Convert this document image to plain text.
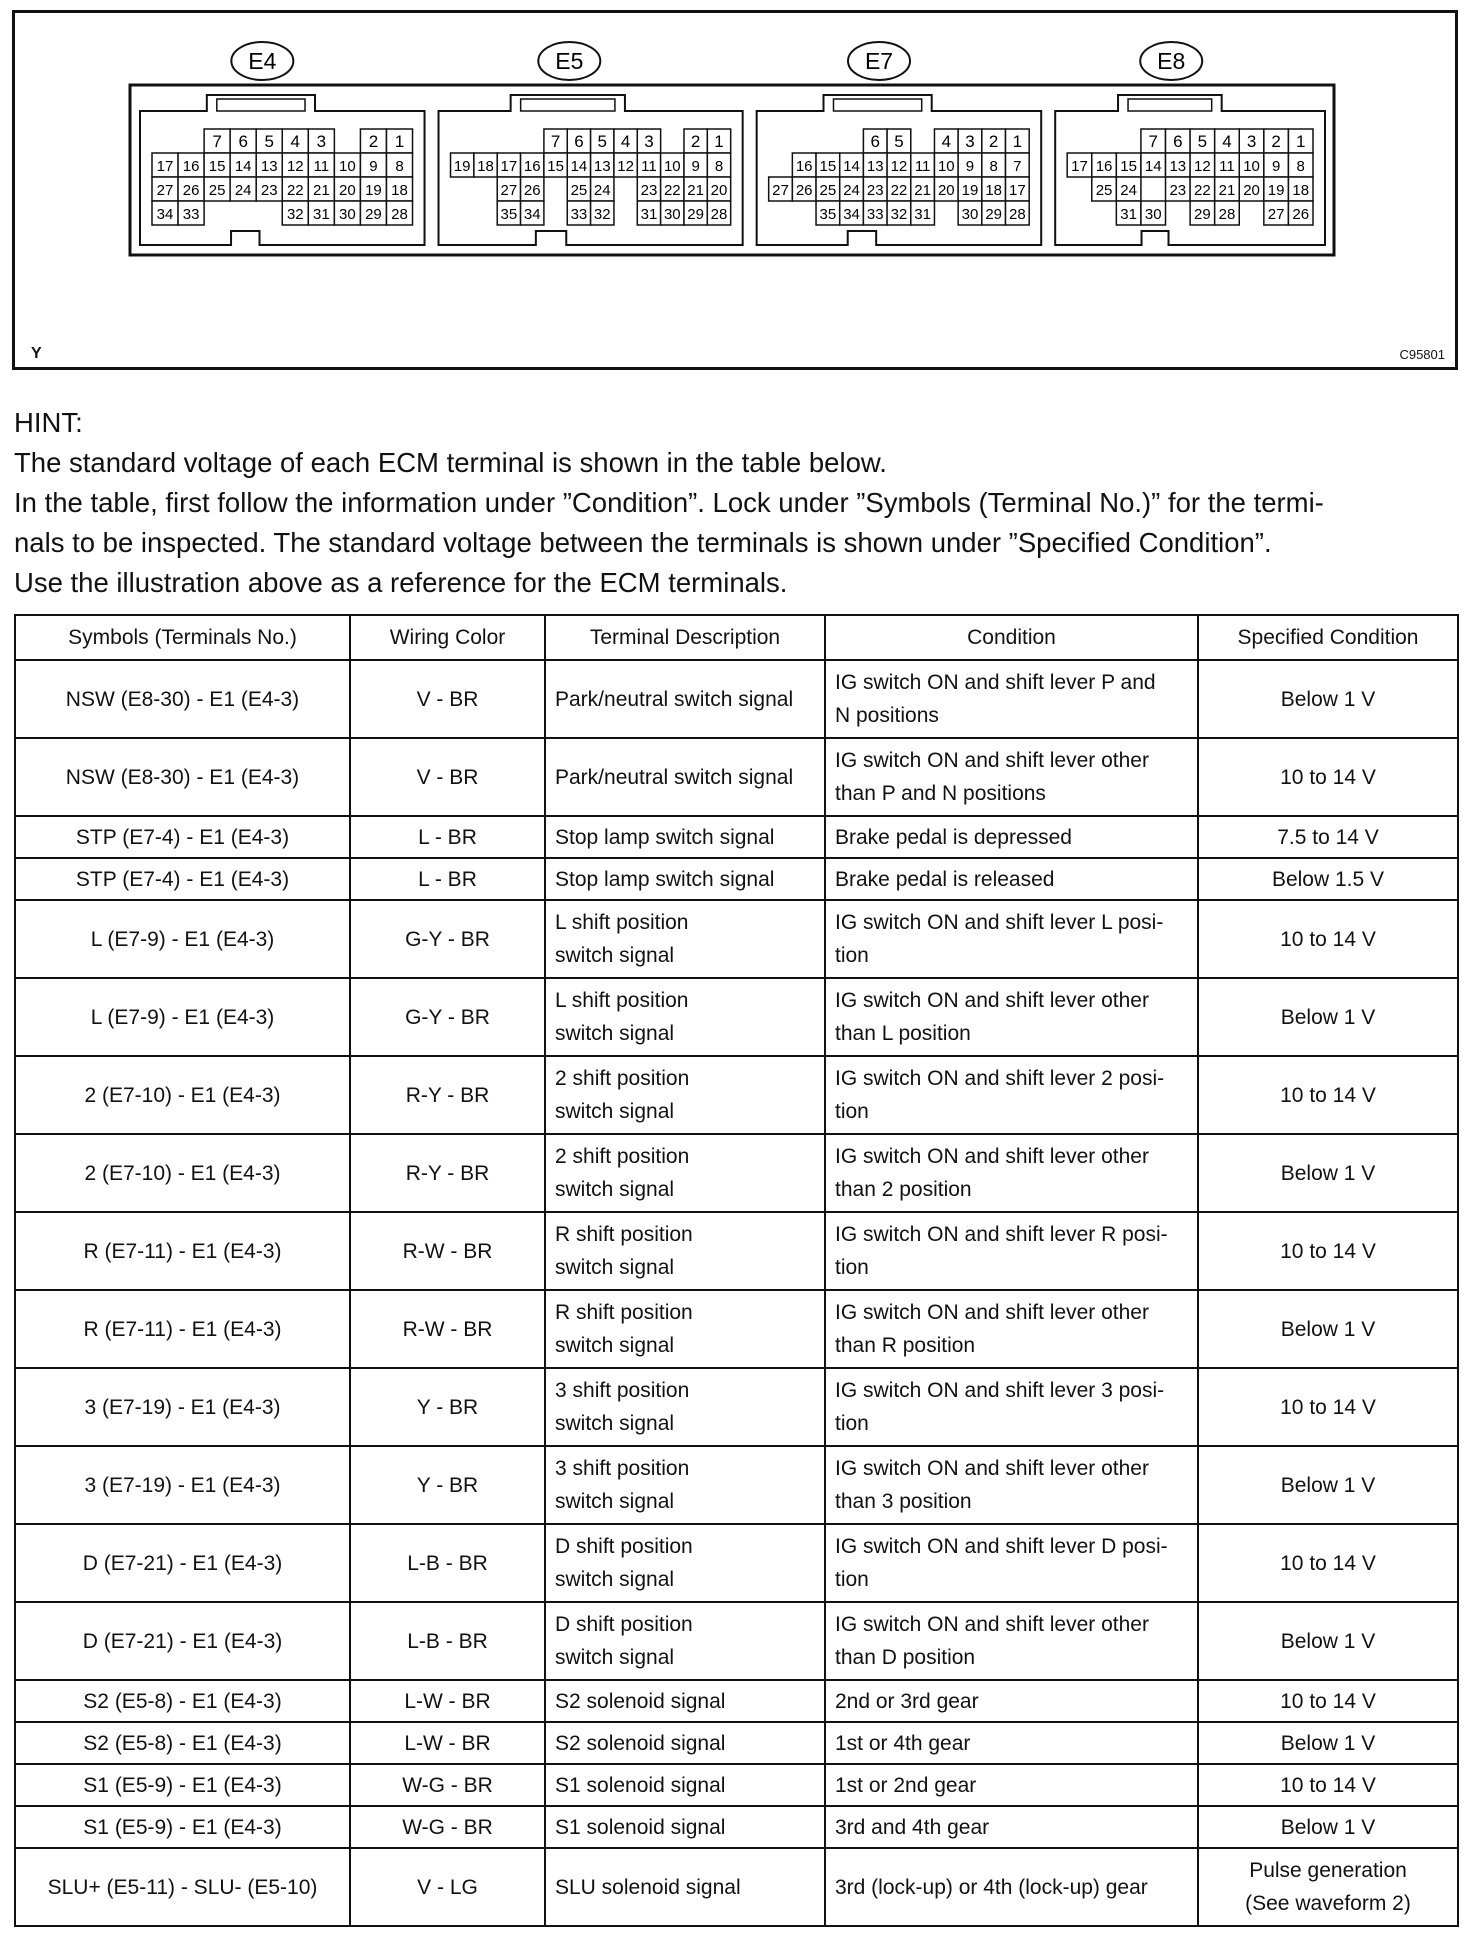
E4
7 6 5 4 3	2 1
17 16 15 14 13 12 11 10 9 8
27 26 25 24 23 22 21 20 19 18
34 33	32 31 30 29 28
E5
7 6 5 4 3 2 1
19 18 17 16 15 14 13 12 11 10 9 8
27 26 25 24 23 22 21 20
35 34 33 32 31 30 29 28
E7
6 5 4 3 2 1
16 15 14 13 12 11 10 9 8 7
27 26 25 24 23 22 21 20 19 18 17
35 34 33 32 31 30 29 28
E8
7 6 5 4 3 2 1
17 16 15 14 13 12 11 10 9 8
25 24 23 22 21 20 19 18
31 30 29 28 27 26
Y	C95801

HINT:

The standard voltage of each ECM terminal is shown in the table below.

In the table, first follow the information under ”Condition”. Lock under ”Symbols (Terminal No.)” for the termi-

nals to be inspected. The standard voltage between the terminals is shown under ”Specified Condition”.

Use the illustration above as a reference for the ECM terminals.

Symbols (Terminals No.)	Wiring Color	Terminal Description	Condition	Specified Condition
NSW (E8-30) - E1 (E4-3)	V - BR	Park/neutral switch signal	IG switch ON and shift lever P and
N positions	Below 1 V
NSW (E8-30) - E1 (E4-3)	V - BR	Park/neutral switch signal	IG switch ON and shift lever other
than P and N positions	10 to 14 V
STP (E7-4) - E1 (E4-3)	L - BR	Stop lamp switch signal	Brake pedal is depressed	7.5 to 14 V
STP (E7-4) - E1 (E4-3)	L - BR	Stop lamp switch signal	Brake pedal is released	Below 1.5 V
L (E7-9) - E1 (E4-3)	G-Y - BR	L shift position
switch signal	IG switch ON and shift lever L posi-
tion	10 to 14 V
L (E7-9) - E1 (E4-3)	G-Y - BR	L shift position
switch signal	IG switch ON and shift lever other
than L position	Below 1 V
2 (E7-10) - E1 (E4-3)	R-Y - BR	2 shift position
switch signal	IG switch ON and shift lever 2 posi-
tion	10 to 14 V
2 (E7-10) - E1 (E4-3)	R-Y - BR	2 shift position
switch signal	IG switch ON and shift lever other
than 2 position	Below 1 V
R (E7-11) - E1 (E4-3)	R-W - BR	R shift position
switch signal	IG switch ON and shift lever R posi-
tion	10 to 14 V
R (E7-11) - E1 (E4-3)	R-W - BR	R shift position
switch signal	IG switch ON and shift lever other
than R position	Below 1 V
3 (E7-19) - E1 (E4-3)	Y - BR	3 shift position
switch signal	IG switch ON and shift lever 3 posi-
tion	10 to 14 V
3 (E7-19) - E1 (E4-3)	Y - BR	3 shift position
switch signal	IG switch ON and shift lever other
than 3 position	Below 1 V
D (E7-21) - E1 (E4-3)	L-B - BR	D shift position
switch signal	IG switch ON and shift lever D posi-
tion	10 to 14 V
D (E7-21) - E1 (E4-3)	L-B - BR	D shift position
switch signal	IG switch ON and shift lever other
than D position	Below 1 V
S2 (E5-8) - E1 (E4-3)	L-W - BR	S2 solenoid signal	2nd or 3rd gear	10 to 14 V
S2 (E5-8) - E1 (E4-3)	L-W - BR	S2 solenoid signal	1st or 4th gear	Below 1 V
S1 (E5-9) - E1 (E4-3)	W-G - BR	S1 solenoid signal	1st or 2nd gear	10 to 14 V
S1 (E5-9) - E1 (E4-3)	W-G - BR	S1 solenoid signal	3rd and 4th gear	Below 1 V
SLU+ (E5-11) - SLU- (E5-10)	V - LG	SLU solenoid signal	3rd (lock-up) or 4th (lock-up) gear	Pulse generation
(See waveform 2)
